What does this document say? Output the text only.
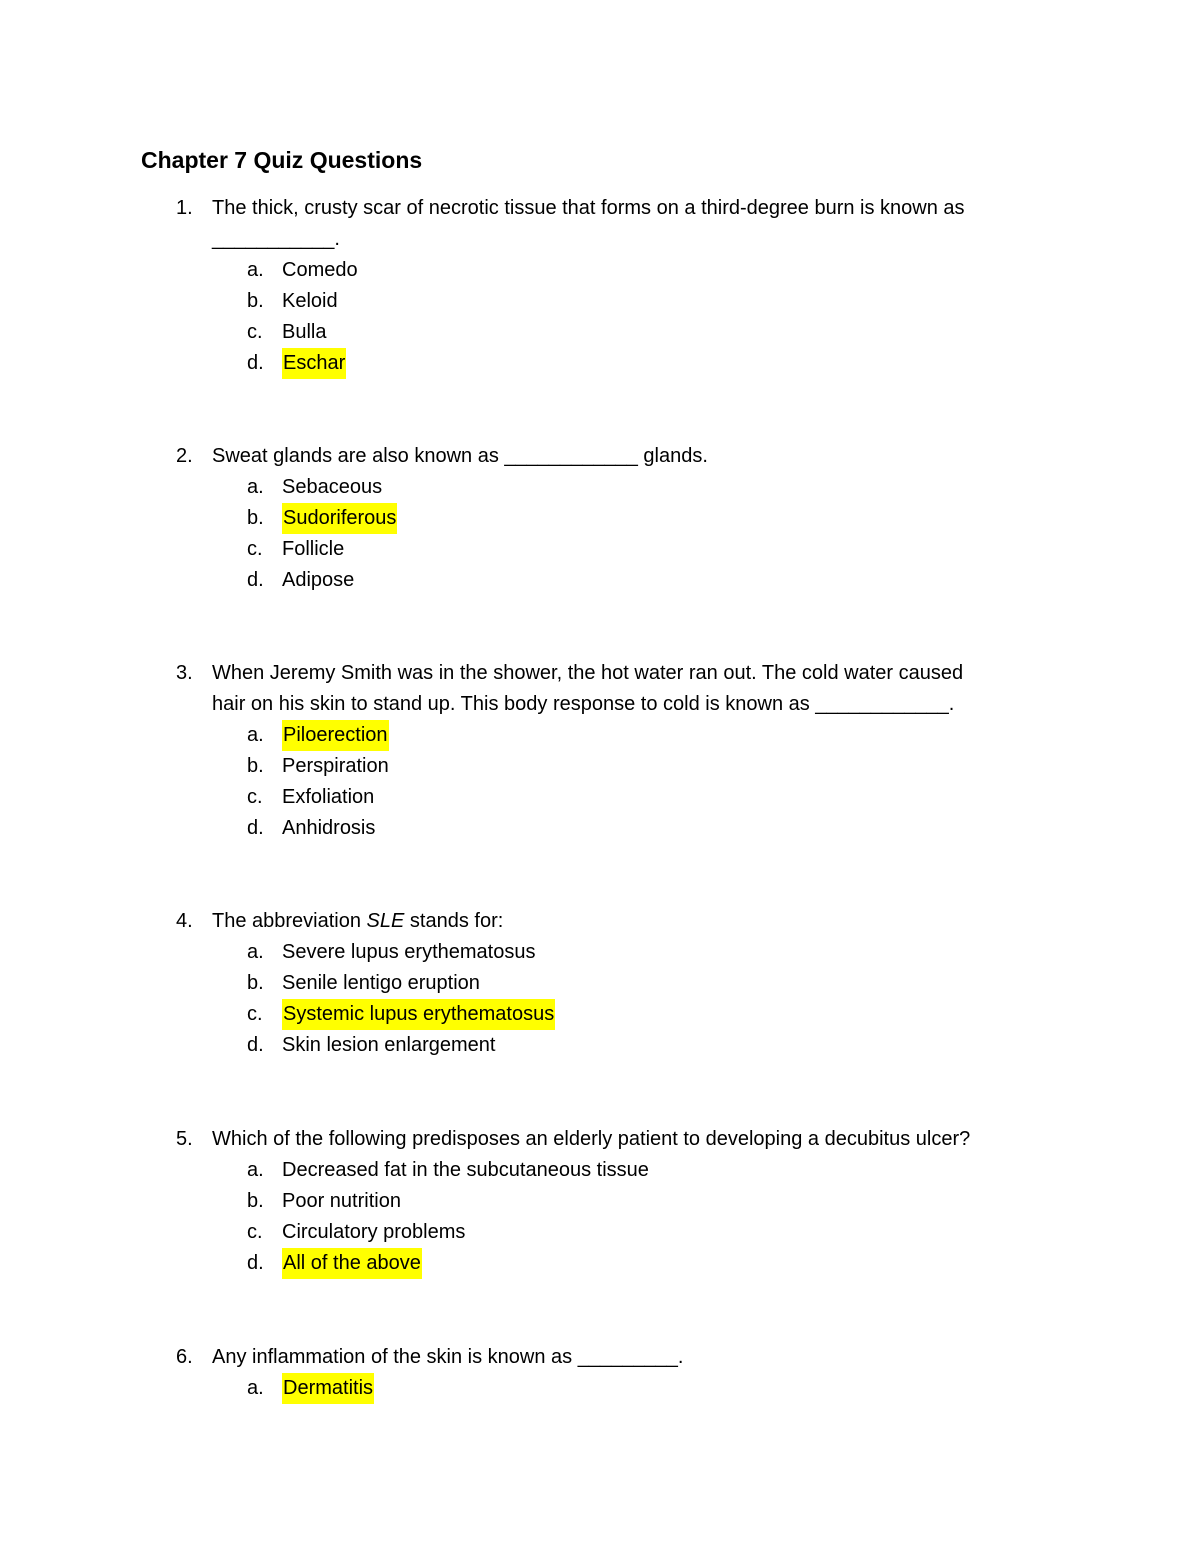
Chapter 7 Quiz Questions
1. The thick, crusty scar of necrotic tissue that forms on a third-degree burn is known as
___________.
a. Comedo
b. Keloid
c. Bulla
d. Eschar
2. Sweat glands are also known as ____________ glands.
a. Sebaceous
b. Sudoriferous
c. Follicle
d. Adipose
3. When Jeremy Smith was in the shower, the hot water ran out. The cold water caused
hair on his skin to stand up. This body response to cold is known as ____________.
a. Piloerection
b. Perspiration
c. Exfoliation
d. Anhidrosis
4. The abbreviation SLE stands for:
a. Severe lupus erythematosus
b. Senile lentigo eruption
c. Systemic lupus erythematosus
d. Skin lesion enlargement
5. Which of the following predisposes an elderly patient to developing a decubitus ulcer?
a. Decreased fat in the subcutaneous tissue
b. Poor nutrition
c. Circulatory problems
d. All of the above
6. Any inflammation of the skin is known as _________.
a. Dermatitis
